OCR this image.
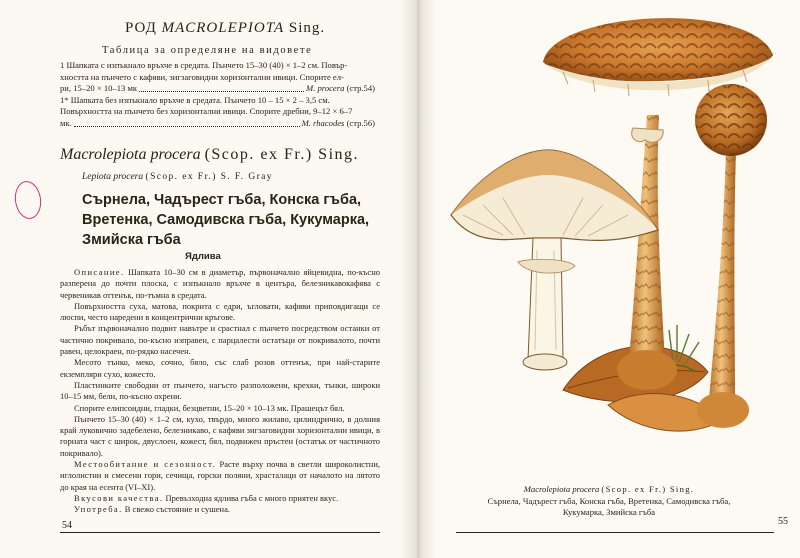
РОД MACROLEPIOTA Sing.
Таблица за определяне на видовете

1 Шапката с изпъкнало връхче в средата. Пънчето 15–30 (40) × 1–2 см. Повър-

хността на пънчето с кафяви, зигзаговидни хоризонтални ивици. Спорите ел-

ри, 15–20 × 10–13 мк	M. procera
(стр.54)

1* Шапката без изпъкнало връхче в средата. Пънчето 10 – 15 × 2 – 3,5 см.

Повърхността на пънчето без хоризонтални ивици. Спорите дребни, 9–12 × 6–7

мк.	M. rhacodes
(стр.56)

Macrolepiota procera (Scop. ex Fr.) Sing.
Lepiota procera (Scop. ex Fr.) S. F. Gray
Сърнела, Чадърест гъба, Конска гъба,
Вретенка, Самодивска гъба, Кукумарка,
Змийска гъба
Ядлива

Описание. Шапката 10–30 см в диаметър, първоначално яйцевидна, по-късно разперена до почти плоска, с изпъкнало връхче в центъра, белезникавокафява с червеникав оттенък, по-тъмна в средата.

Повърхността суха, матова, покрита с едри, ъгловати, кафяви приповдигащи се люспи, често наредени в концентрични кръгове.

Ръбът първоначално подвит навътре и срастнал с пънчето посредством останки от частично покривало, по-късно изправен, с парцалести остатъци от покривалото, почти равен, целокраен, по-рядко насечен.

Месото тънко, меко, сочно, бяло, със слаб розов оттенък, при най-старите екземпляри сухо, кожесто.

Пластинките свободни от пънчето, нагъсто разположени, крехки, тънки, широки 10–15 мм, бели, по-късно охрени.

Спорите елипсоидни, гладки, безцветни, 15–20 × 10–13 мк. Прашецът бял.

Пънчето 15–30 (40) × 1–2 см, кухо, твърдо, много жилаво, цилиндрично, в долния край луковично задебелено, белезникаво, с кафяви зигзаговидни хоризонтални ивици, в горната част с широк, двуслоен, кожест, бял, подвижен пръстен (остатък от частичното покривало).

Местообитание и сезонност. Расте върху почва в светли широколистни, иглолистни и смесени гори, сечища, горски поляни, храсталаци от началото на лятото до края на есента (VI–XI).

Вкусови качества. Превъзходна ядлива гъба с много приятен вкус.

Употреба. В свежо състояние и сушена.

54
Macrolepiota procera (Scop. ex Fr.) Sing.
Сърнела, Чадърест гъба, Конска гъба, Вретенка, Самодивска гъба,
Кукумарка, Змийска гъба
55
